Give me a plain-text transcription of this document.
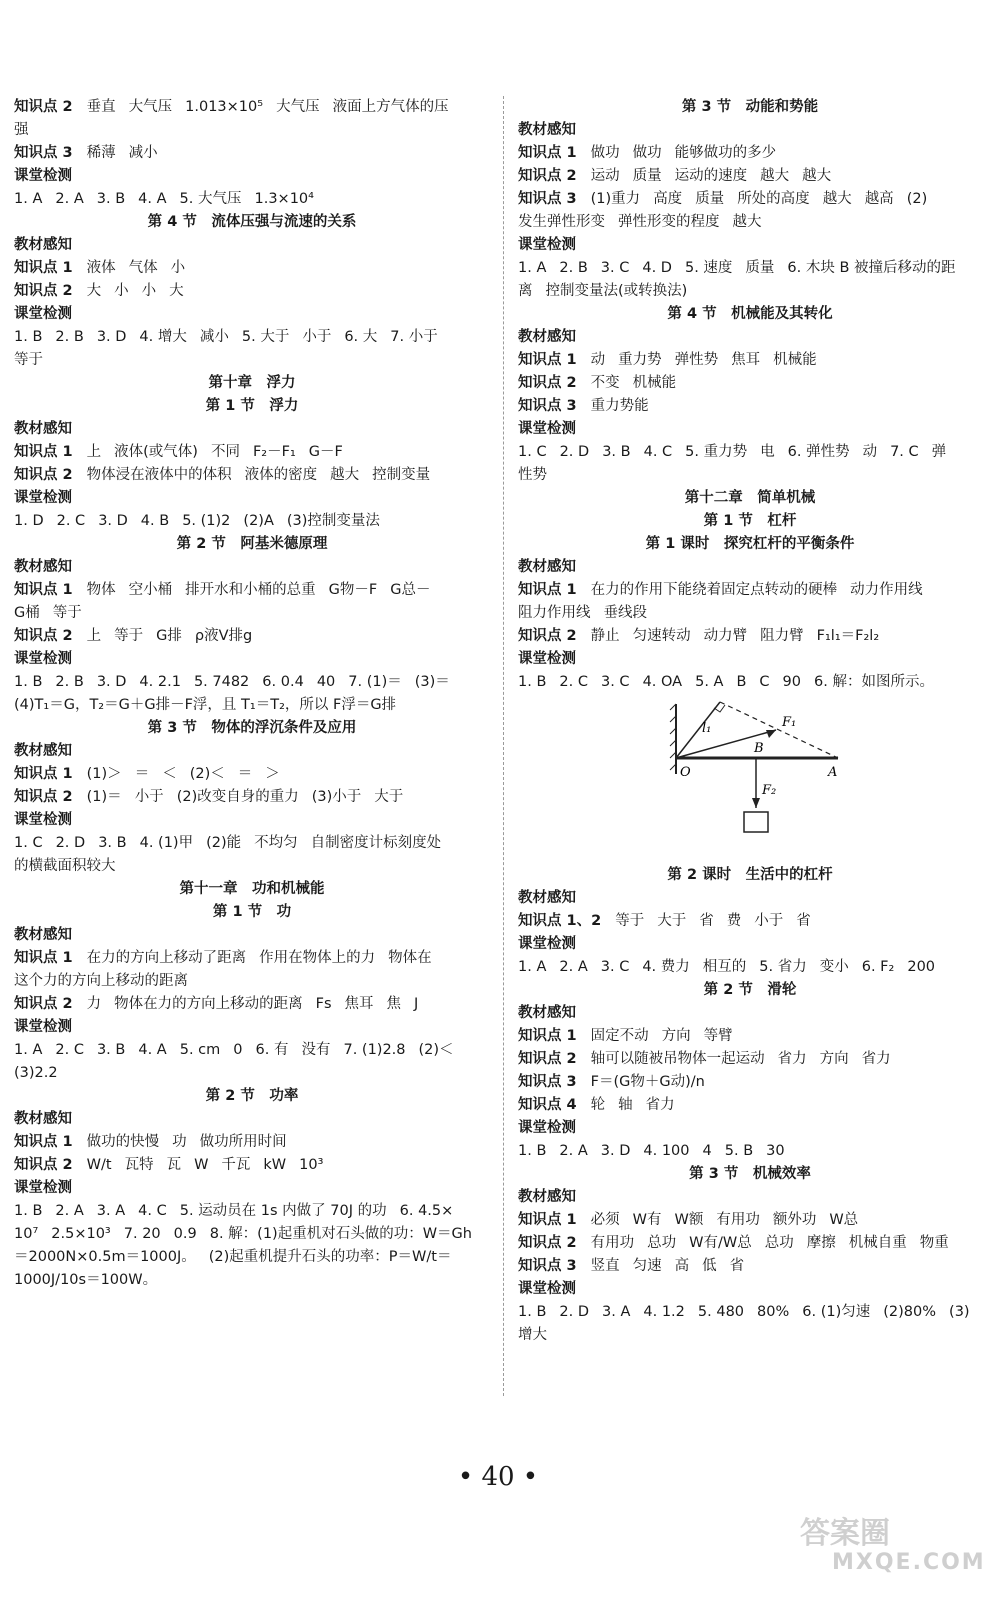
知识点 2 垂直 大气压 1.013×10⁵ 大气压 液面上方气体的压
强
知识点 3 稀薄 减小
课堂检测
1. A 2. A 3. B 4. A 5. 大气压 1.3×10⁴
第 4 节　流体压强与流速的关系
教材感知
知识点 1 液体 气体 小
知识点 2 大 小 小 大
课堂检测
1. B 2. B 3. D 4. 增大 减小 5. 大于 小于 6. 大 7. 小于
等于
第十章　浮力
第 1 节　浮力
教材感知
知识点 1 上 液体(或气体) 不同 F₂－F₁ G－F
知识点 2 物体浸在液体中的体积 液体的密度 越大 控制变量
课堂检测
1. D 2. C 3. D 4. B 5. (1)2 (2)A (3)控制变量法
第 2 节　阿基米德原理
教材感知
知识点 1 物体 空小桶 排开水和小桶的总重 G物－F G总－
G桶 等于
知识点 2 上 等于 G排 ρ液V排g
课堂检测
1. B 2. B 3. D 4. 2.1 5. 7482 6. 0.4 40 7. (1)＝ (3)＝
(4)T₁＝G，T₂＝G＋G排－F浮，且 T₁＝T₂，所以 F浮＝G排
第 3 节　物体的浮沉条件及应用
教材感知
知识点 1 (1)＞ ＝ ＜ (2)＜ ＝ ＞
知识点 2 (1)＝ 小于 (2)改变自身的重力 (3)小于 大于
课堂检测
1. C 2. D 3. B 4. (1)甲 (2)能 不均匀 自制密度计标刻度处
的横截面积较大
第十一章　功和机械能
第 1 节　功
教材感知
知识点 1 在力的方向上移动了距离 作用在物体上的力 物体在
这个力的方向上移动的距离
知识点 2 力 物体在力的方向上移动的距离 Fs 焦耳 焦 J
课堂检测
1. A 2. C 3. B 4. A 5. cm 0 6. 有 没有 7. (1)2.8 (2)＜
(3)2.2
第 2 节　功率
教材感知
知识点 1 做功的快慢 功 做功所用时间
知识点 2 W/t 瓦特 瓦 W 千瓦 kW 10³
课堂检测
1. B 2. A 3. A 4. C 5. 运动员在 1s 内做了 70J 的功 6. 4.5×
10⁷ 2.5×10³ 7. 20 0.9 8. 解：(1)起重机对石头做的功：W＝Gh
＝2000N×0.5m＝1000J。 (2)起重机提升石头的功率：P＝W/t＝
1000J/10s＝100W。
第 3 节　动能和势能
教材感知
知识点 1 做功 做功 能够做功的多少
知识点 2 运动 质量 运动的速度 越大 越大
知识点 3 (1)重力 高度 质量 所处的高度 越大 越高 (2)
发生弹性形变 弹性形变的程度 越大
课堂检测
1. A 2. B 3. C 4. D 5. 速度 质量 6. 木块 B 被撞后移动的距
离 控制变量法(或转换法)
第 4 节　机械能及其转化
教材感知
知识点 1 动 重力势 弹性势 焦耳 机械能
知识点 2 不变 机械能
知识点 3 重力势能
课堂检测
1. C 2. D 3. B 4. C 5. 重力势 电 6. 弹性势 动 7. C 弹
性势
第十二章　简单机械
第 1 节　杠杆
第 1 课时　探究杠杆的平衡条件
教材感知
知识点 1 在力的作用下能绕着固定点转动的硬棒 动力作用线
阻力作用线 垂线段
知识点 2 静止 匀速转动 动力臂 阻力臂 F₁l₁＝F₂l₂
课堂检测
1. B 2. C 3. C 4. OA 5. A B C 90 6. 解：如图所示。
F₁
l₁
B
O	A
F₂
第 2 课时　生活中的杠杆
教材感知
知识点 1、2 等于 大于 省 费 小于 省
课堂检测
1. A 2. A 3. C 4. 费力 相互的 5. 省力 变小 6. F₂ 200
第 2 节　滑轮
教材感知
知识点 1 固定不动 方向 等臂
知识点 2 轴可以随被吊物体一起运动 省力 方向 省力
知识点 3 F＝(G物＋G动)/n
知识点 4 轮 轴 省力
课堂检测
1. B 2. A 3. D 4. 100 4 5. B 30
第 3 节　机械效率
教材感知
知识点 1 必须 W有 W额 有用功 额外功 W总
知识点 2 有用功 总功 W有/W总 总功 摩擦 机械自重 物重
知识点 3 竖直 匀速 高 低 省
课堂检测
1. B 2. D 3. A 4. 1.2 5. 480 80% 6. (1)匀速 (2)80% (3)
增大
• 40 •
答案圈
MXQE.COM
